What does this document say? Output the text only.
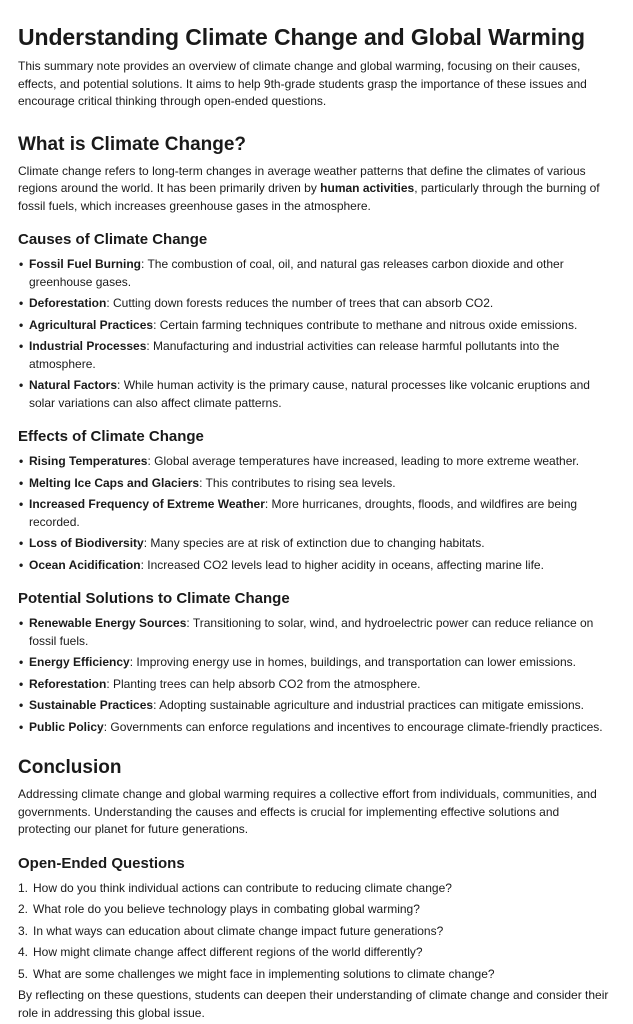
Understanding Climate Change and Global Warming

This summary note provides an overview of climate change and global warming, focusing on their causes, effects, and potential solutions. It aims to help 9th-grade students grasp the importance of these issues and encourage critical thinking through open-ended questions.

What is Climate Change?

Climate change refers to long-term changes in average weather patterns that define the climates of various regions around the world. It has been primarily driven by human activities, particularly through the burning of fossil fuels, which increases greenhouse gases in the atmosphere.

Causes of Climate Change
• Fossil Fuel Burning: The combustion of coal, oil, and natural gas releases carbon dioxide and other greenhouse gases.
• Deforestation: Cutting down forests reduces the number of trees that can absorb CO2.
• Agricultural Practices: Certain farming techniques contribute to methane and nitrous oxide emissions.
• Industrial Processes: Manufacturing and industrial activities can release harmful pollutants into the atmosphere.
• Natural Factors: While human activity is the primary cause, natural processes like volcanic eruptions and solar variations can also affect climate patterns.
Effects of Climate Change
• Rising Temperatures: Global average temperatures have increased, leading to more extreme weather.
• Melting Ice Caps and Glaciers: This contributes to rising sea levels.
• Increased Frequency of Extreme Weather: More hurricanes, droughts, floods, and wildfires are being recorded.
• Loss of Biodiversity: Many species are at risk of extinction due to changing habitats.
• Ocean Acidification: Increased CO2 levels lead to higher acidity in oceans, affecting marine life.
Potential Solutions to Climate Change
• Renewable Energy Sources: Transitioning to solar, wind, and hydroelectric power can reduce reliance on fossil fuels.
• Energy Efficiency: Improving energy use in homes, buildings, and transportation can lower emissions.
• Reforestation: Planting trees can help absorb CO2 from the atmosphere.
• Sustainable Practices: Adopting sustainable agriculture and industrial practices can mitigate emissions.
• Public Policy: Governments can enforce regulations and incentives to encourage climate-friendly practices.
Conclusion

Addressing climate change and global warming requires a collective effort from individuals, communities, and governments. Understanding the causes and effects is crucial for implementing effective solutions and protecting our planet for future generations.

Open-Ended Questions
1. How do you think individual actions can contribute to reducing climate change?
2. What role do you believe technology plays in combating global warming?
3. In what ways can education about climate change impact future generations?
4. How might climate change affect different regions of the world differently?
5. What are some challenges we might face in implementing solutions to climate change?

By reflecting on these questions, students can deepen their understanding of climate change and consider their role in addressing this global issue.
